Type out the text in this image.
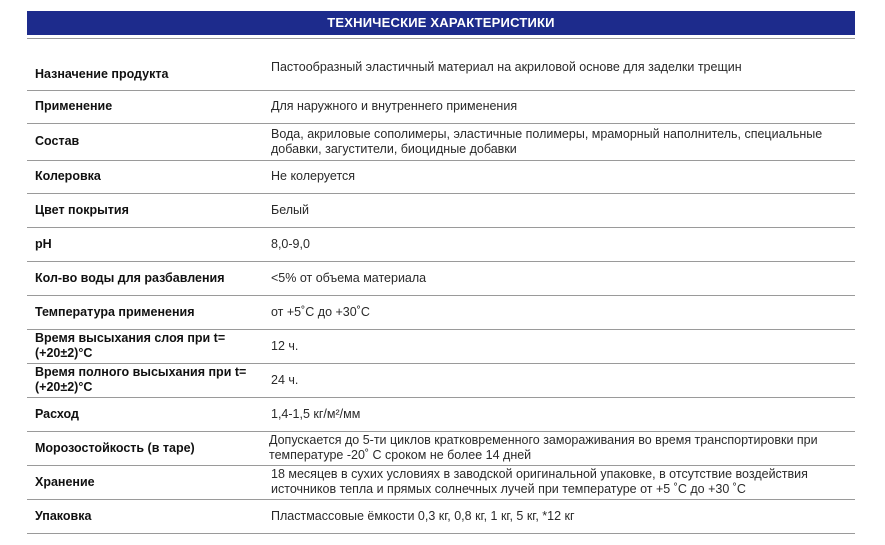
ТЕХНИЧЕСКИЕ ХАРАКТЕРИСТИКИ
Назначение продукта	Пастообразный эластичный материал на акриловой основе для заделки трещин

Применение	Для наружного и внутреннего применения

Состав	Вода, акриловые сополимеры, эластичные полимеры, мраморный наполнитель, специальные добавки, загустители, биоцидные добавки

Колеровка	Не колеруется

Цвет покрытия	Белый

pH	8,0-9,0

Кол-во воды для разбавления	<5% от объема материала

Температура применения	от +5˚С до +30˚С

Время высыхания слоя при t=(+20±2)°C	12 ч.

Время полного высыхания при t=(+20±2)°C	24 ч.

Расход	1,4-1,5 кг/м²/мм

Морозостойкость (в таре)	Допускается до 5-ти циклов кратковременного замораживания во время транспортировки при температуре -20˚ С сроком не более 14 дней

Хранение	18 месяцев в сухих условиях в заводской оригинальной упаковке, в отсутствие воздействия источников тепла и прямых солнечных лучей при температуре от +5 ˚С до +30 ˚С

Упаковка	Пластмассовые ёмкости 0,3 кг, 0,8 кг, 1 кг, 5 кг, *12 кг
